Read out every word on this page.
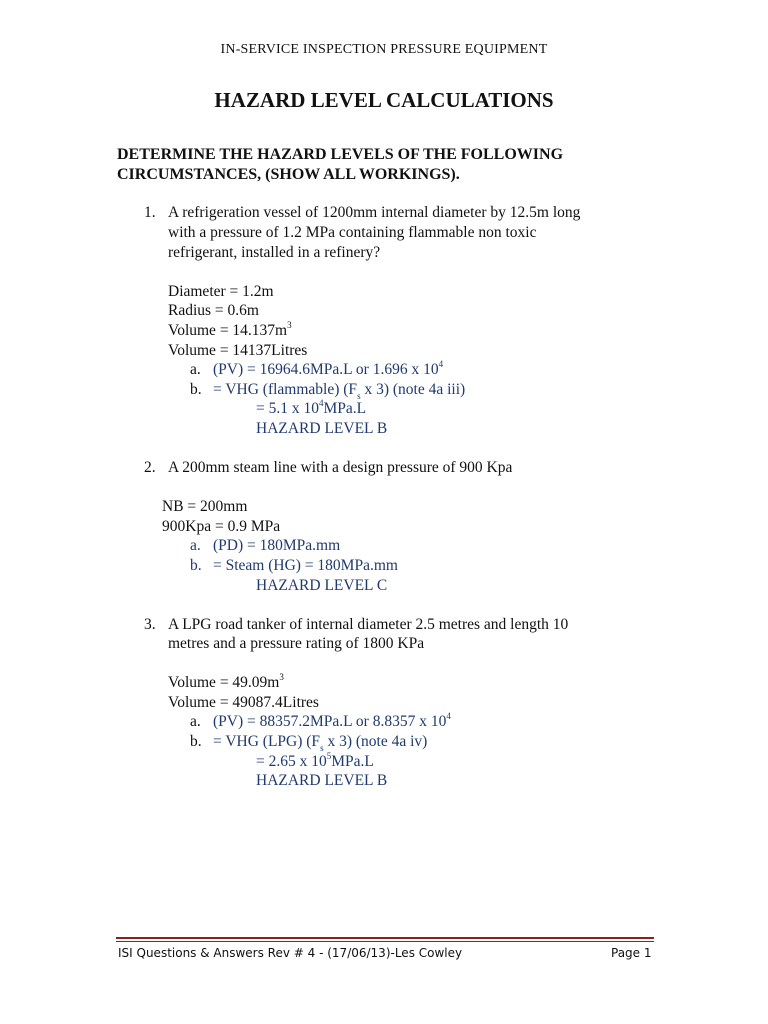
IN-SERVICE INSPECTION PRESSURE EQUIPMENT
HAZARD LEVEL CALCULATIONS
DETERMINE THE HAZARD LEVELS OF THE FOLLOWING
CIRCUMSTANCES, (SHOW ALL WORKINGS).
1. A refrigeration vessel of 1200mm internal diameter by 12.5m long
with a pressure of 1.2 MPa containing flammable non toxic
refrigerant, installed in a refinery?
Diameter = 1.2m
Radius = 0.6m
Volume = $14.137m^3$
Volume = 14137Litres
a. (PV) = 16964.6MPa.L or 1.696 x $10^4$
b. = VHG (flammable) ($F_s$ x 3) (note 4a iii)
= 5.1 x $10^4MPa.L$
HAZARD LEVEL B
2. A 200mm steam line with a design pressure of 900 Kpa
NB = 200mm
900Kpa = 0.9 MPa
a. (PD) = 180MPa.mm
b. = Steam (HG) = 180MPa.mm
HAZARD LEVEL C
3. A LPG road tanker of internal diameter 2.5 metres and length 10
metres and a pressure rating of 1800 KPa
Volume = $49.09m^3$
Volume = 49087.4Litres
a. (PV) = 88357.2MPa.L or 8.8357 x $10^4$
b. = VHG (LPG) ($F_s$ x 3) (note 4a iv)
= 2.65 x $10^5MPa.L$
HAZARD LEVEL B
ISI Questions & Answers Rev # 4 - (17/06/13)-Les Cowley	Page 1
